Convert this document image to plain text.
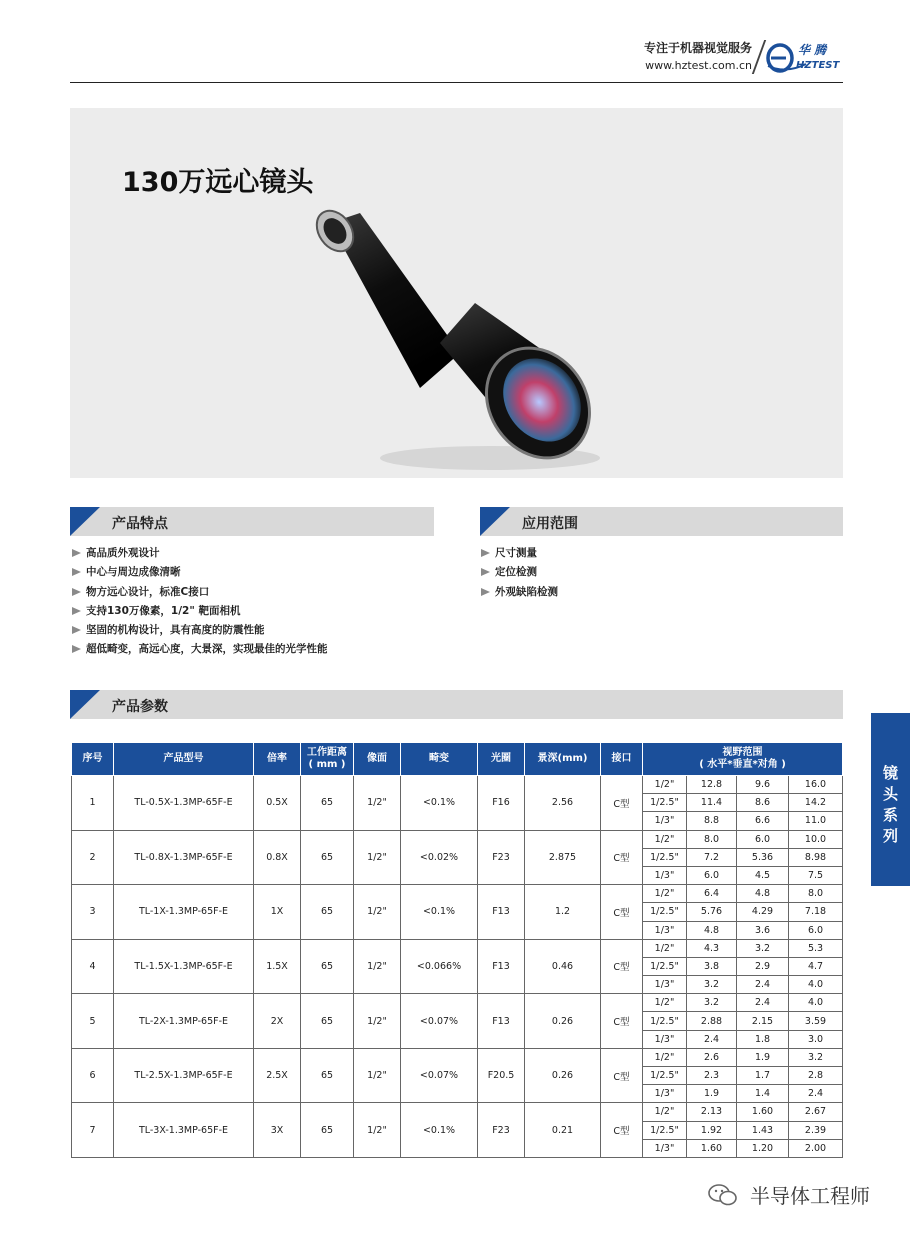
专注于机器视觉服务
www.hztest.com.cn
华 腾
HZTEST
130万远心镜头
产品特点
高品质外观设计
中心与周边成像清晰
物方远心设计，标准C接口
支持130万像素，1/2" 靶面相机
坚固的机构设计，具有高度的防震性能
超低畸变，高远心度，大景深，实现最佳的光学性能
应用范围
尺寸测量
定位检测
外观缺陷检测
产品参数
镜头系列
序号	产品型号	倍率	工作距离
( mm )	像面	畸变	光圈	景深(mm)	接口	视野范围
( 水平*垂直*对角 )			
1	TL-0.5X-1.3MP-65F-E	0.5X	65	1/2"	<0.1%	F16	2.56	C型	1/2"	12.8	9.6	16.0
									1/2.5"	11.4	8.6	14.2
									1/3"	8.8	6.6	11.0
2	TL-0.8X-1.3MP-65F-E	0.8X	65	1/2"	<0.02%	F23	2.875	C型	1/2"	8.0	6.0	10.0
									1/2.5"	7.2	5.36	8.98
									1/3"	6.0	4.5	7.5
3	TL-1X-1.3MP-65F-E	1X	65	1/2"	<0.1%	F13	1.2	C型	1/2"	6.4	4.8	8.0
									1/2.5"	5.76	4.29	7.18
									1/3"	4.8	3.6	6.0
4	TL-1.5X-1.3MP-65F-E	1.5X	65	1/2"	<0.066%	F13	0.46	C型	1/2"	4.3	3.2	5.3
									1/2.5"	3.8	2.9	4.7
									1/3"	3.2	2.4	4.0
5	TL-2X-1.3MP-65F-E	2X	65	1/2"	<0.07%	F13	0.26	C型	1/2"	3.2	2.4	4.0
									1/2.5"	2.88	2.15	3.59
									1/3"	2.4	1.8	3.0
6	TL-2.5X-1.3MP-65F-E	2.5X	65	1/2"	<0.07%	F20.5	0.26	C型	1/2"	2.6	1.9	3.2
									1/2.5"	2.3	1.7	2.8
									1/3"	1.9	1.4	2.4
7	TL-3X-1.3MP-65F-E	3X	65	1/2"	<0.1%	F23	0.21	C型	1/2"	2.13	1.60	2.67
									1/2.5"	1.92	1.43	2.39
									1/3"	1.60	1.20	2.00
半导体工程师
